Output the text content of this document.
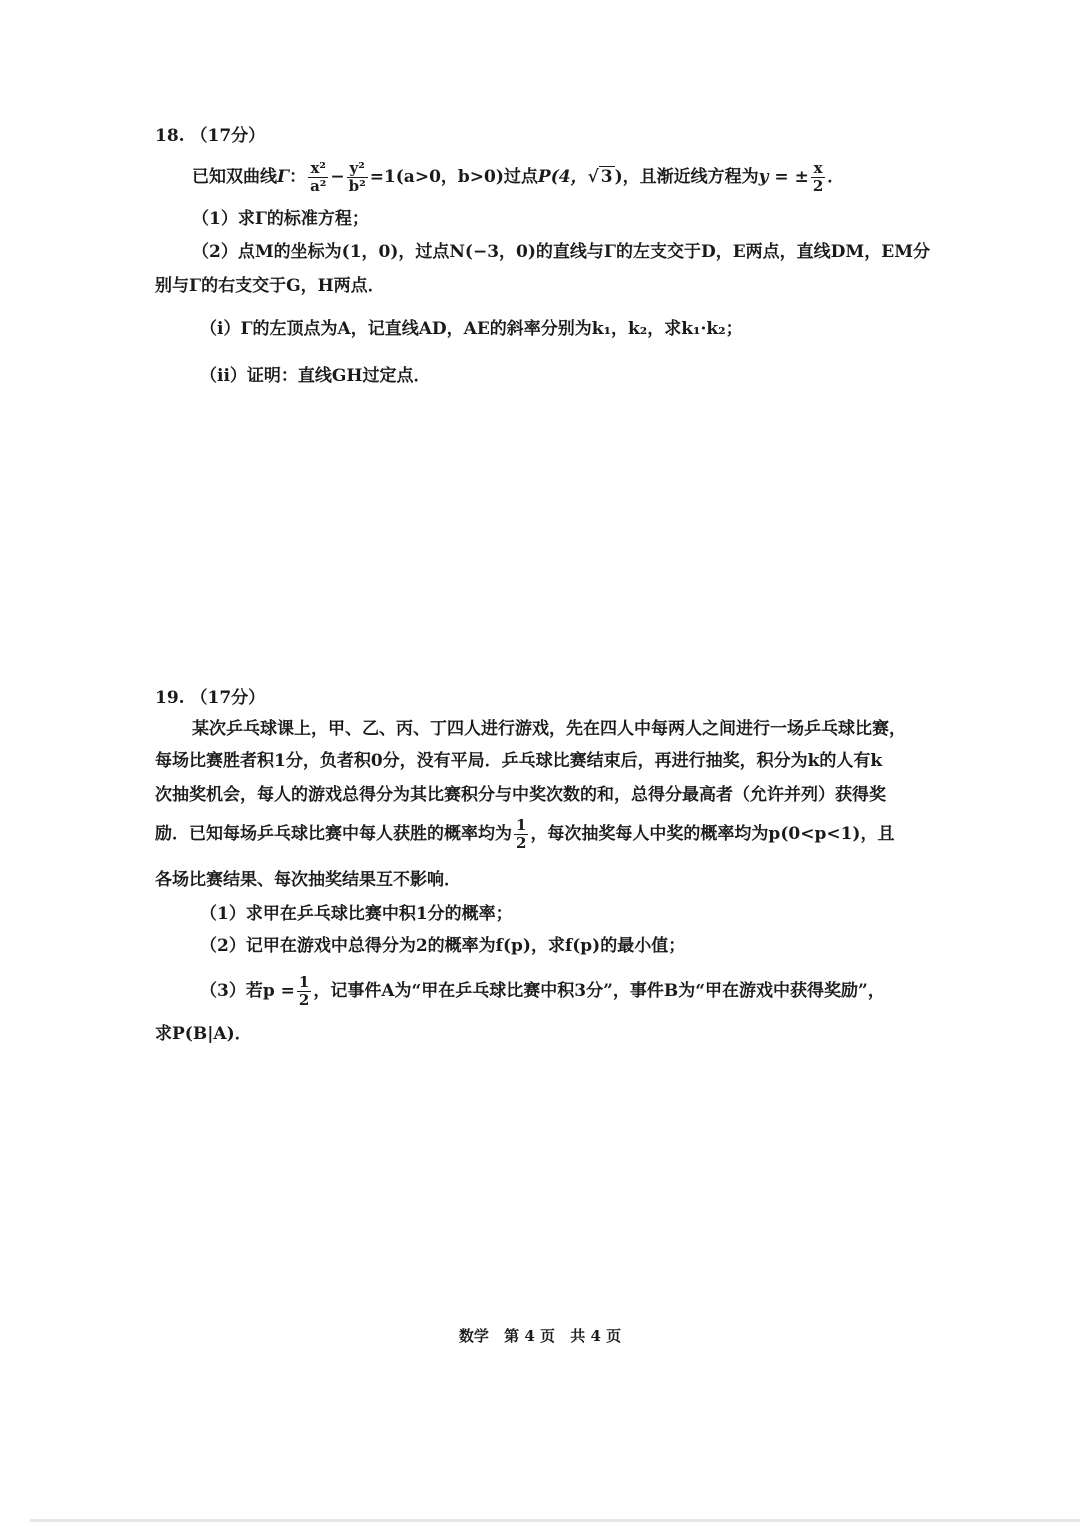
18. （17分）
已知双曲线Γ： $\frac{\text{x²}}{\text{a²}} - \frac{\text{y²}}{\text{b²}} =1(a>0$，b>0)过点P(4，√ 3 )，且渐近线方程为y = ± $\frac{x}{2}$ ．
（1）求Γ的标准方程；
（2）点M的坐标为(1，0)，过点N(−3，0)的直线与Γ的左支交于D，E两点，直线DM，EM分
别与Γ的右支交于G，H两点．
（i）Γ的左顶点为A，记直线AD，AE的斜率分别为k₁，k₂，求k₁·k₂；
（ii）证明：直线GH过定点．
19. （17分）
某次乒乓球课上，甲、乙、丙、丁四人进行游戏，先在四人中每两人之间进行一场乒乓球比赛，
每场比赛胜者积1分，负者积0分，没有平局．乒乓球比赛结束后，再进行抽奖，积分为k的人有k
次抽奖机会，每人的游戏总得分为其比赛积分与中奖次数的和，总得分最高者（允许并列）获得奖
励．已知每场乒乓球比赛中每人获胜的概率均为 $\frac{1}{2}$ ，每次抽奖每人中奖的概率均为p(0<p<1)，且
各场比赛结果、每次抽奖结果互不影响．
（1）求甲在乒乓球比赛中积1分的概率；
（2）记甲在游戏中总得分为2的概率为f(p)，求f(p)的最小值；
（3）若$p = \frac{1}{2}$ ，记事件A为“甲在乒乓球比赛中积3分”，事件B为“甲在游戏中获得奖励”，
求P(B|A)．
数学 第 4 页 共 4 页
